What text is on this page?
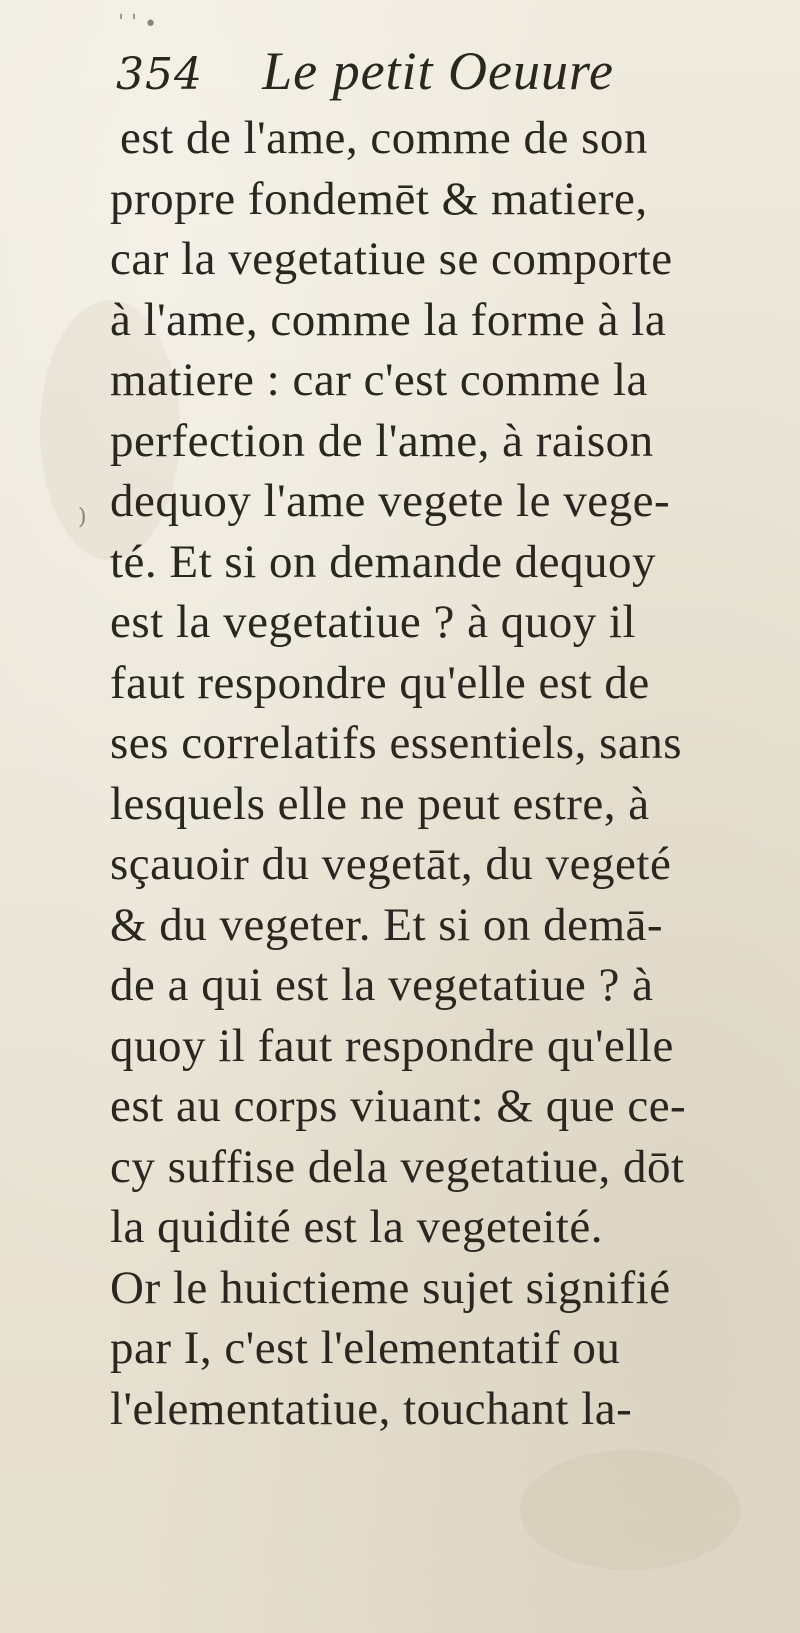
ˈ ˈ •
)
354 Le petit Oeuure
est de l'ame, comme de son
propre fondemēt & matiere,
car la vegetatiue se comporte
à l'ame, comme la forme à la
matiere : car c'est comme la
perfection de l'ame, à raison
dequoy l'ame vegete le vege-
té. Et si on demande dequoy
est la vegetatiue ? à quoy il
faut respondre qu'elle est de
ses correlatifs essentiels, sans
lesquels elle ne peut estre, à
sçauoir du vegetāt, du vegeté
& du vegeter. Et si on demā-
de a qui est la vegetatiue ? à
quoy il faut respondre qu'elle
est au corps viuant: & que ce-
cy suffise dela vegetatiue, dōt
la quidité est la vegeteité.
Or le huictieme sujet signifié
par I, c'est l'elementatif ou
l'elementatiue, touchant la-
